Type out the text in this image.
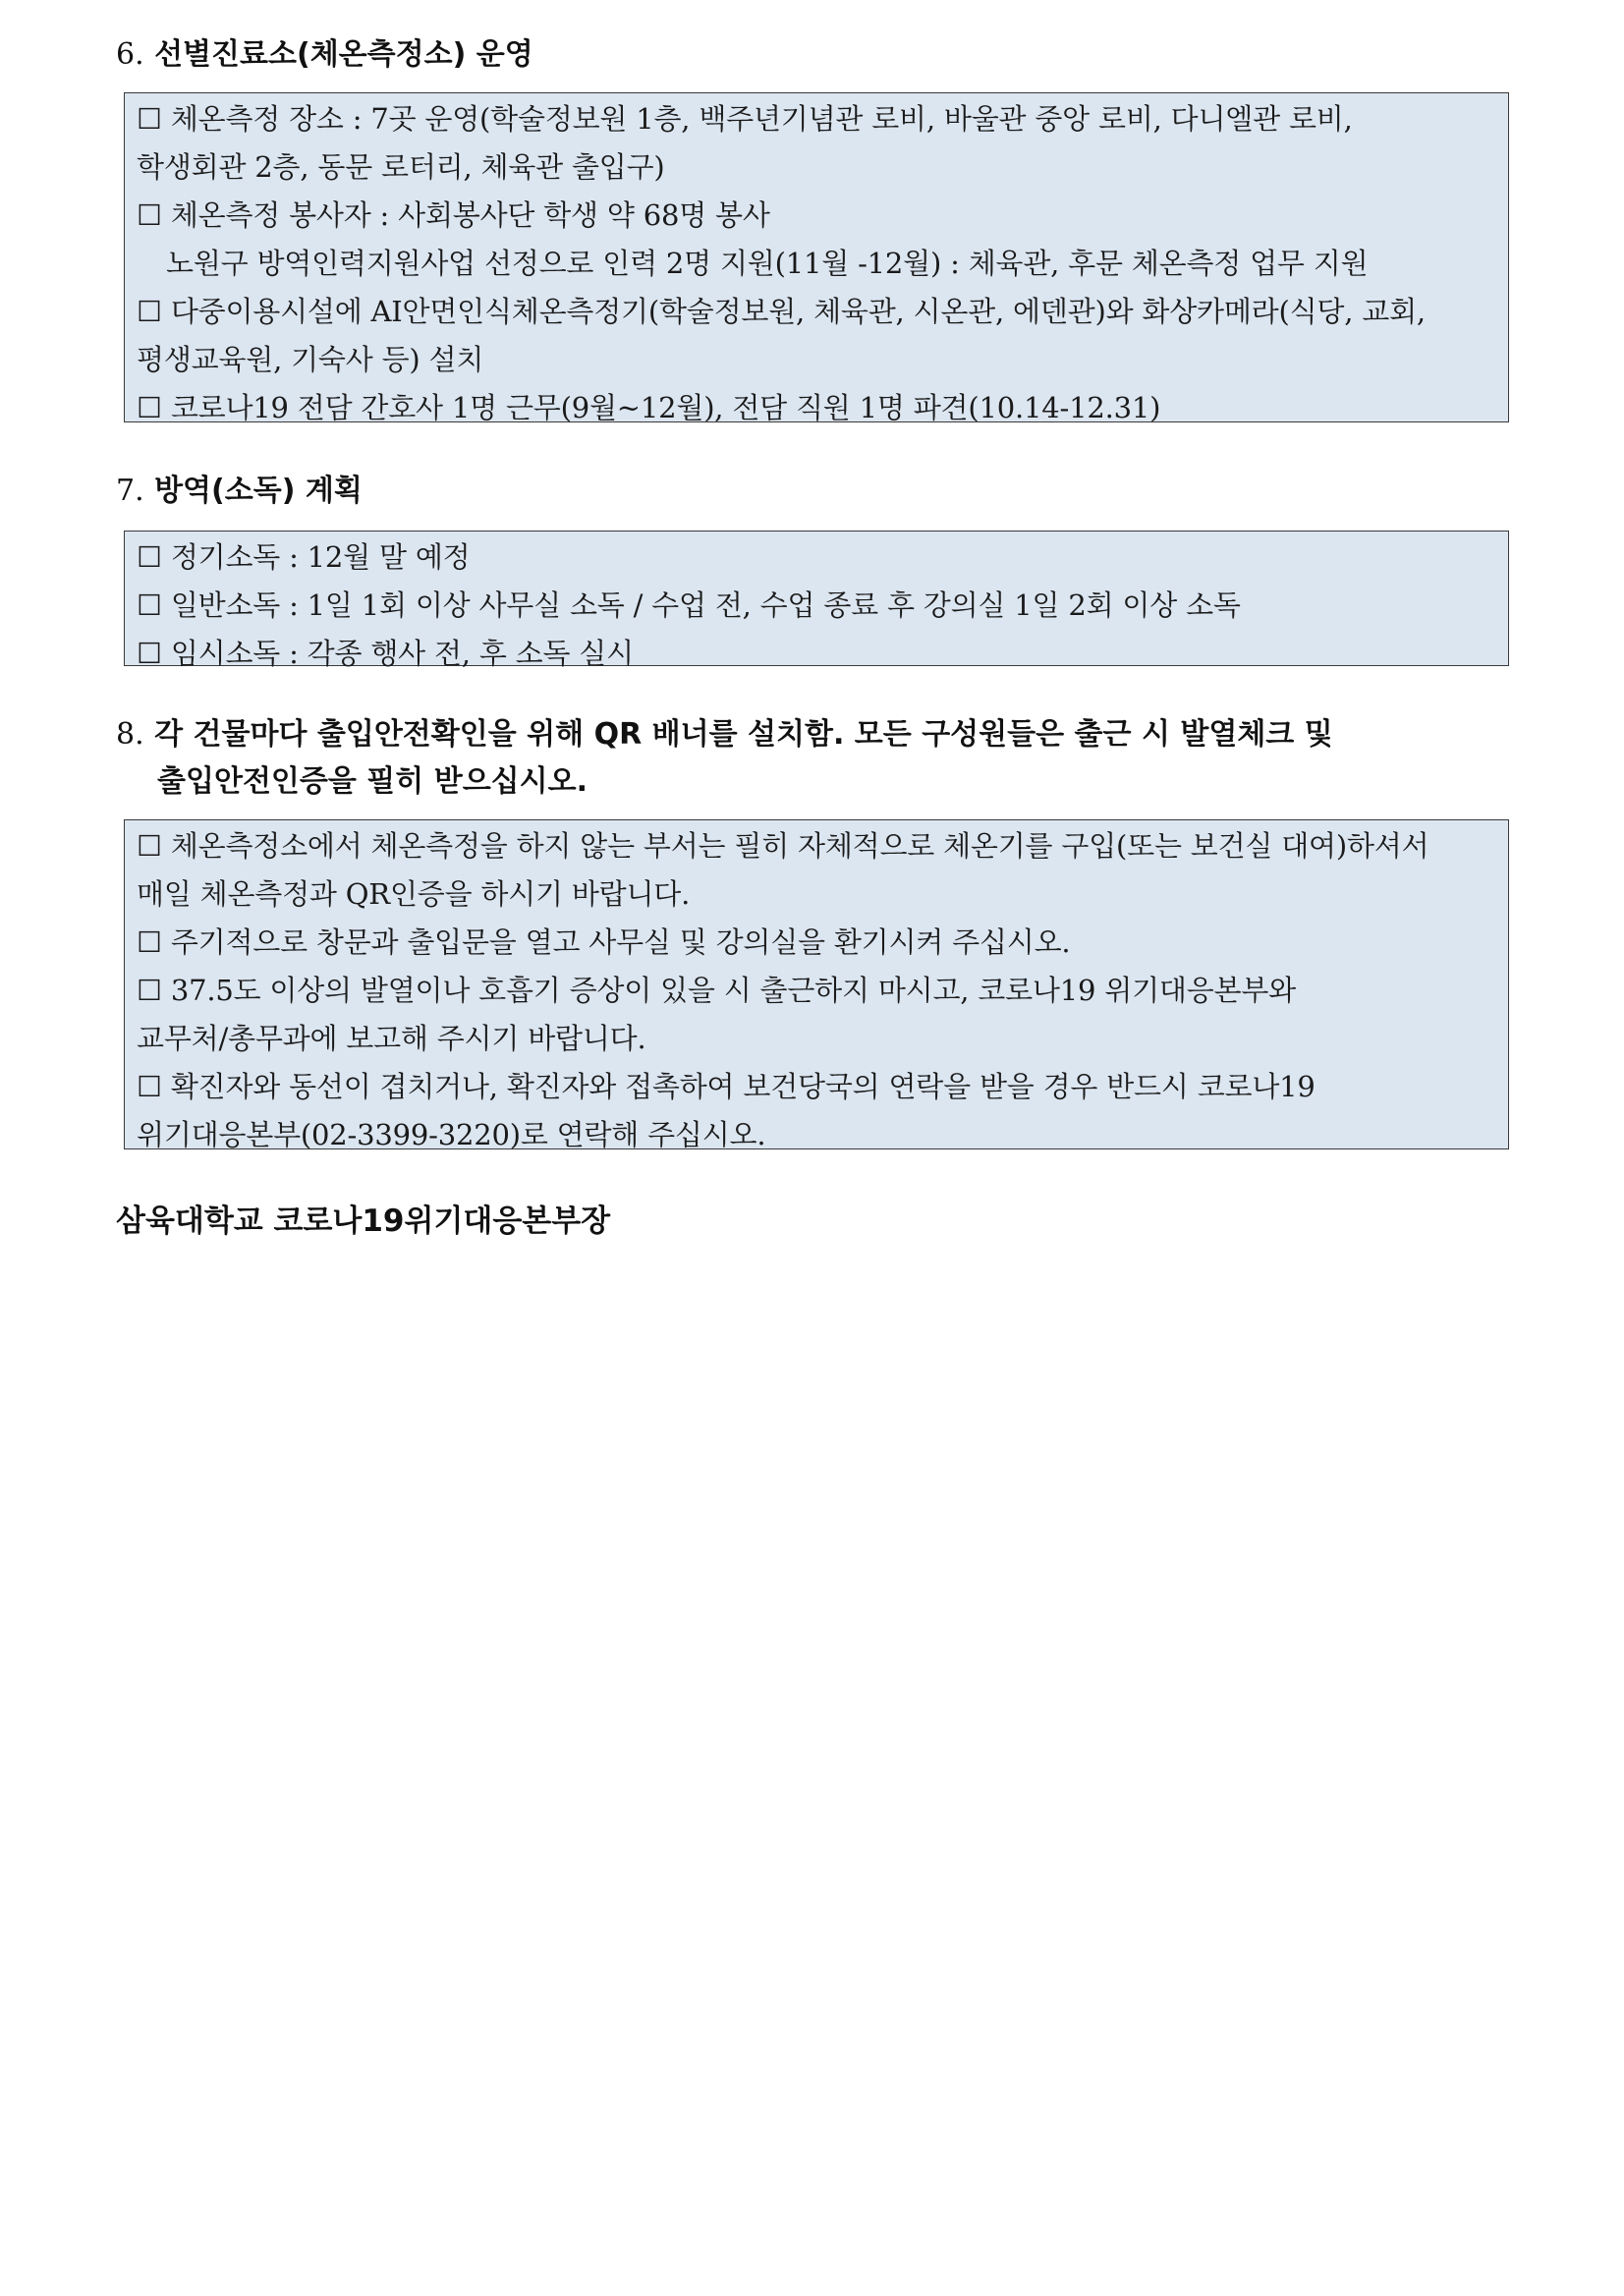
6. 선별진료소(체온측정소) 운영
☐ 체온측정 장소 : 7곳 운영(학술정보원 1층, 백주년기념관 로비, 바울관 중앙 로비, 다니엘관 로비,
학생회관 2층, 동문 로터리, 체육관 출입구)
☐ 체온측정 봉사자 : 사회봉사단 학생 약 68명 봉사
노원구 방역인력지원사업 선정으로 인력 2명 지원(11월 -12월) : 체육관, 후문 체온측정 업무 지원
☐ 다중이용시설에 AI안면인식체온측정기(학술정보원, 체육관, 시온관, 에덴관)와 화상카메라(식당, 교회,
평생교육원, 기숙사 등) 설치
☐ 코로나19 전담 간호사 1명 근무(9월~12월), 전담 직원 1명 파견(10.14-12.31)
7. 방역(소독) 계획
☐ 정기소독 : 12월 말 예정
☐ 일반소독 : 1일 1회 이상 사무실 소독 / 수업 전, 수업 종료 후 강의실 1일 2회 이상 소독
☐ 임시소독 : 각종 행사 전, 후 소독 실시
8. 각 건물마다 출입안전확인을 위해 QR 배너를 설치함. 모든 구성원들은 출근 시 발열체크 및
출입안전인증을 필히 받으십시오.
☐ 체온측정소에서 체온측정을 하지 않는 부서는 필히 자체적으로 체온기를 구입(또는 보건실 대여)하셔서
매일 체온측정과 QR인증을 하시기 바랍니다.
☐ 주기적으로 창문과 출입문을 열고 사무실 및 강의실을 환기시켜 주십시오.
☐ 37.5도 이상의 발열이나 호흡기 증상이 있을 시 출근하지 마시고, 코로나19 위기대응본부와
교무처/총무과에 보고해 주시기 바랍니다.
☐ 확진자와 동선이 겹치거나, 확진자와 접촉하여 보건당국의 연락을 받을 경우 반드시 코로나19
위기대응본부(02-3399-3220)로 연락해 주십시오.
삼육대학교 코로나19위기대응본부장
